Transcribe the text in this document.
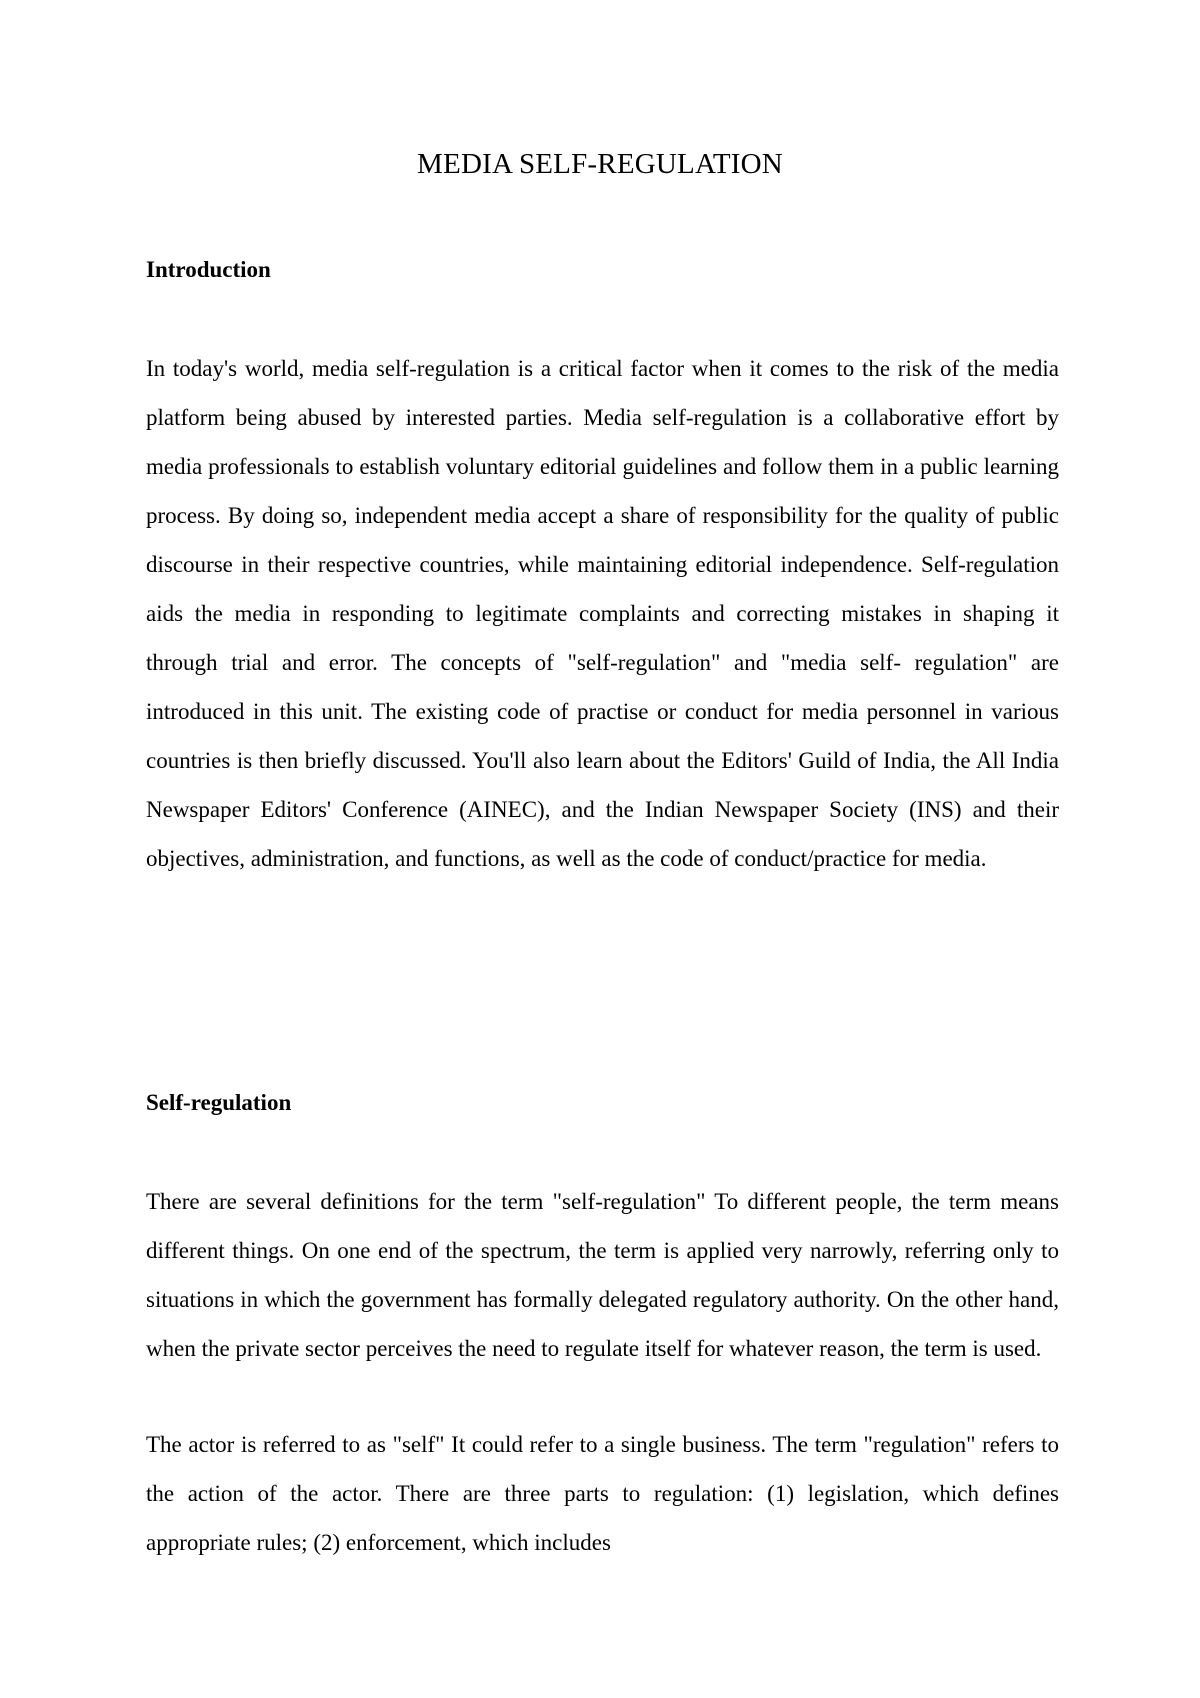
MEDIA SELF-REGULATION
Introduction

In today's world, media self-regulation is a critical factor when it comes to the risk of the media platform being abused by interested parties. Media self-regulation is a collaborative effort by media professionals to establish voluntary editorial guidelines and follow them in a public learning process. By doing so, independent media accept a share of responsibility for the quality of public discourse in their respective countries, while maintaining editorial independence. Self-regulation aids the media in responding to legitimate complaints and correcting mistakes in shaping it through trial and error. The concepts of "self-regulation" and "media self- regulation" are introduced in this unit. The existing code of practise or conduct for media personnel in various countries is then briefly discussed. You'll also learn about the Editors' Guild of India, the All India Newspaper Editors' Conference (AINEC), and the Indian Newspaper Society (INS) and their objectives, administration, and functions, as well as the code of conduct/practice for media.

Self-regulation

There are several definitions for the term "self-regulation" To different people, the term means different things. On one end of the spectrum, the term is applied very narrowly, referring only to situations in which the government has formally delegated regulatory authority. On the other hand, when the private sector perceives the need to regulate itself for whatever reason, the term is used.

The actor is referred to as "self" It could refer to a single business. The term "regulation" refers to the action of the actor. There are three parts to regulation: (1) legislation, which defines appropriate rules; (2) enforcement, which includes
